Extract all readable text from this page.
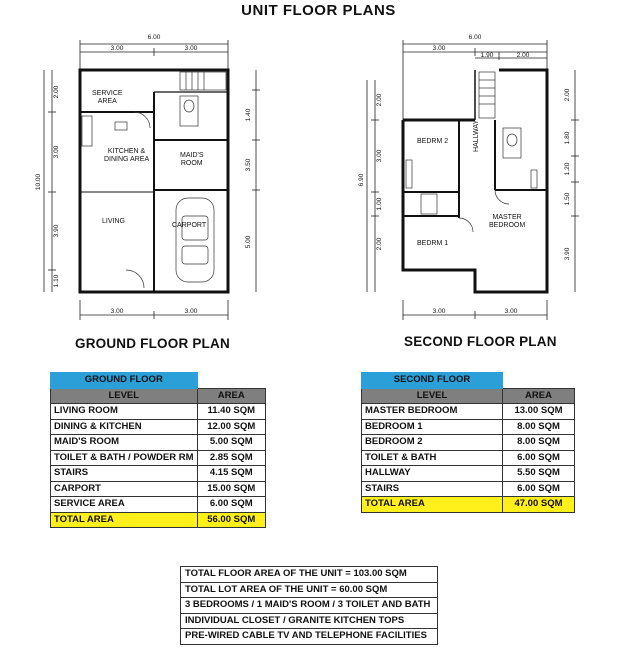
UNIT FLOOR PLANS
6.00
3.00	3.00
3.00	3.00
10.00
2.00
3.00
3.90
1.10
1.40
3.50
5.00
SERVICE
AREA
KITCHEN &
DINING AREA
MAID'S
ROOM
LIVING
CARPORT
GROUND FLOOR PLAN
6.00
3.00
1.90	2.00
3.00	3.00
6.90
2.00
3.00
1.00
2.00
2.00
1.80
1.20
1.50
3.90
BEDRM 2	HALLWAY
BEDRM 1
MASTER
BEDROOM
SECOND FLOOR PLAN
GROUND FLOOR	
LEVEL	AREA
LIVING ROOM	11.40 SQM
DINING & KITCHEN	12.00 SQM
MAID'S ROOM	5.00 SQM
TOILET & BATH / POWDER RM	2.85 SQM
STAIRS	4.15 SQM
CARPORT	15.00 SQM
SERVICE AREA	6.00 SQM
TOTAL AREA	56.00 SQM
SECOND FLOOR	
LEVEL	AREA
MASTER BEDROOM	13.00 SQM
BEDROOM 1	8.00 SQM
BEDROOM 2	8.00 SQM
TOILET & BATH	6.00 SQM
HALLWAY	5.50 SQM
STAIRS	6.00 SQM
TOTAL AREA	47.00 SQM
TOTAL FLOOR AREA OF THE UNIT = 103.00 SQM
TOTAL LOT AREA OF THE UNIT = 60.00 SQM
3 BEDROOMS / 1 MAID'S ROOM / 3 TOILET AND BATH
INDIVIDUAL CLOSET / GRANITE KITCHEN TOPS
PRE-WIRED CABLE TV AND TELEPHONE FACILITIES
